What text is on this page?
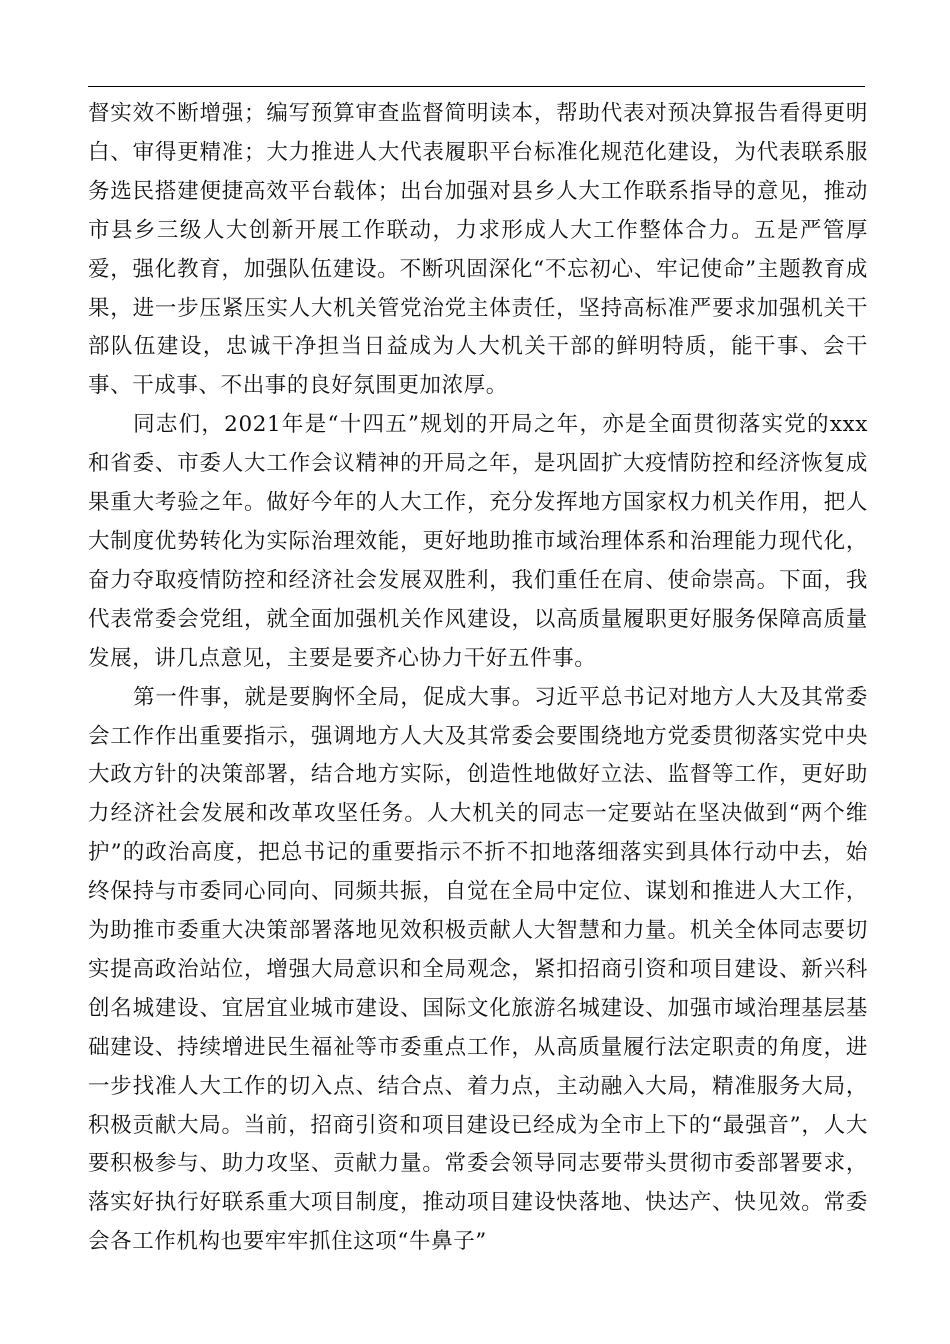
督实效不断增强；编写预算审查监督简明读本，帮助代表对预决算报告看得更明白、审得更精准；大力推进人大代表履职平台标准化规范化建设，为代表联系服务选民搭建便捷高效平台载体；出台加强对县乡人大工作联系指导的意见，推动市县乡三级人大创新开展工作联动，力求形成人大工作整体合力。五是严管厚爱，强化教育，加强队伍建设。不断巩固深化“不忘初心、牢记使命”主题教育成果，进一步压紧压实人大机关管党治党主体责任，坚持高标准严要求加强机关干部队伍建设，忠诚干净担当日益成为人大机关干部的鲜明特质，能干事、会干事、干成事、不出事的良好氛围更加浓厚。

同志们，2021年是“十四五”规划的开局之年，亦是全面贯彻落实党的xxx和省委、市委人大工作会议精神的开局之年，是巩固扩大疫情防控和经济恢复成果重大考验之年。做好今年的人大工作，充分发挥地方国家权力机关作用，把人大制度优势转化为实际治理效能，更好地助推市域治理体系和治理能力现代化，奋力夺取疫情防控和经济社会发展双胜利，我们重任在肩、使命崇高。下面，我代表常委会党组，就全面加强机关作风建设，以高质量履职更好服务保障高质量发展，讲几点意见，主要是要齐心协力干好五件事。

第一件事，就是要胸怀全局，促成大事。习近平总书记对地方人大及其常委会工作作出重要指示，强调地方人大及其常委会要围绕地方党委贯彻落实党中央大政方针的决策部署，结合地方实际，创造性地做好立法、监督等工作，更好助力经济社会发展和改革攻坚任务。人大机关的同志一定要站在坚决做到“两个维护”的政治高度，把总书记的重要指示不折不扣地落细落实到具体行动中去，始终保持与市委同心同向、同频共振，自觉在全局中定位、谋划和推进人大工作，为助推市委重大决策部署落地见效积极贡献人大智慧和力量。机关全体同志要切实提高政治站位，增强大局意识和全局观念，紧扣招商引资和项目建设、新兴科创名城建设、宜居宜业城市建设、国际文化旅游名城建设、加强市域治理基层基础建设、持续增进民生福祉等市委重点工作，从高质量履行法定职责的角度，进一步找准人大工作的切入点、结合点、着力点，主动融入大局，精准服务大局，积极贡献大局。当前，招商引资和项目建设已经成为全市上下的“最强音”，人大要积极参与、助力攻坚、贡献力量。常委会领导同志要带头贯彻市委部署要求，落实好执行好联系重大项目制度，推动项目建设快落地、快达产、快见效。常委会各工作机构也要牢牢抓住这项“牛鼻子”
